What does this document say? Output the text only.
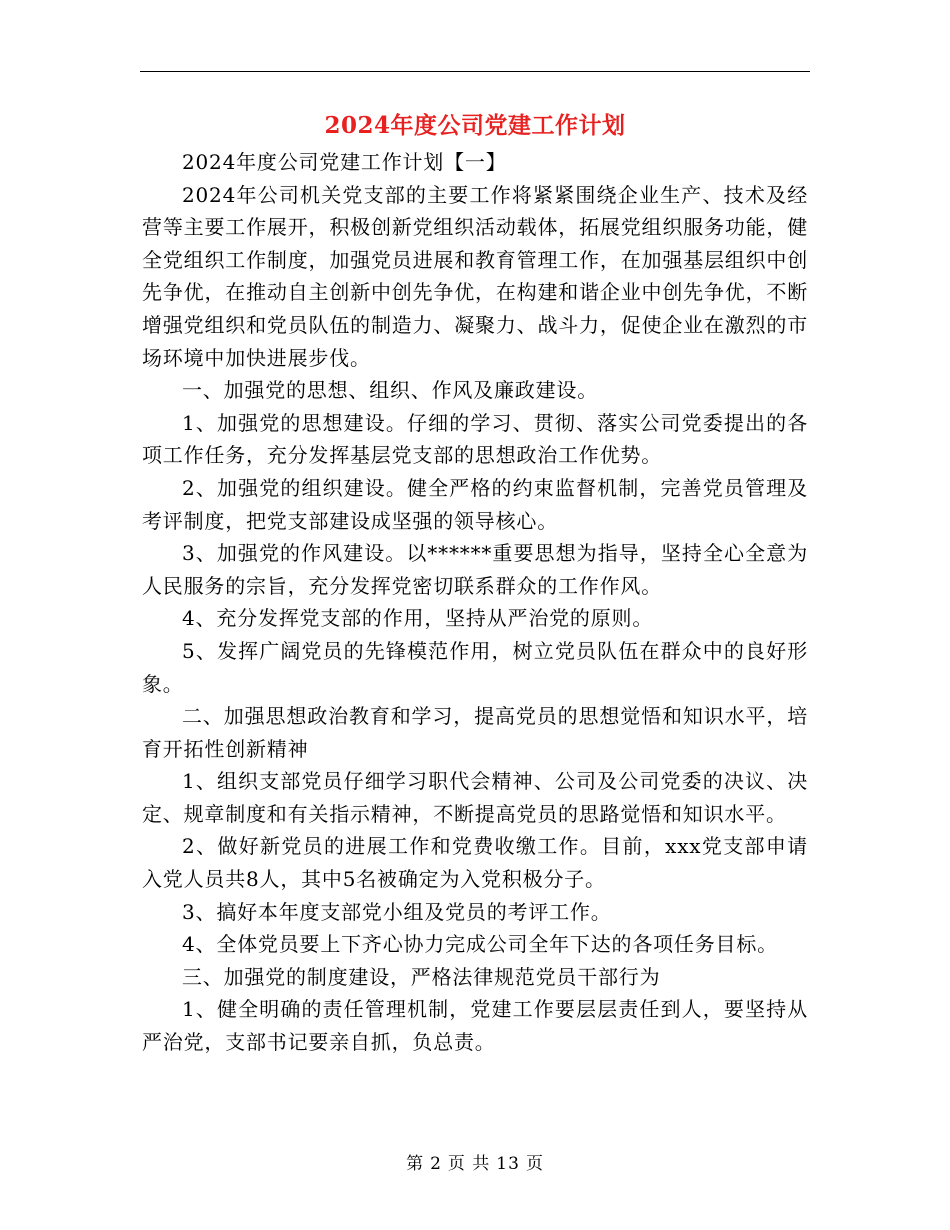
2024年度公司党建工作计划

2024年度公司党建工作计划【一】

2024年公司机关党支部的主要工作将紧紧围绕企业生产、技术及经营等主要工作展开，积极创新党组织活动载体，拓展党组织服务功能，健全党组织工作制度，加强党员进展和教育管理工作，在加强基层组织中创先争优，在推动自主创新中创先争优，在构建和谐企业中创先争优，不断增强党组织和党员队伍的制造力、凝聚力、战斗力，促使企业在激烈的市场环境中加快进展步伐。

一、加强党的思想、组织、作风及廉政建设。

1、加强党的思想建设。仔细的学习、贯彻、落实公司党委提出的各项工作任务，充分发挥基层党支部的思想政治工作优势。

2、加强党的组织建设。健全严格的约束监督机制，完善党员管理及考评制度，把党支部建设成坚强的领导核心。

3、加强党的作风建设。以******重要思想为指导，坚持全心全意为人民服务的宗旨，充分发挥党密切联系群众的工作作风。

4、充分发挥党支部的作用，坚持从严治党的原则。

5、发挥广阔党员的先锋模范作用，树立党员队伍在群众中的良好形象。

二、加强思想政治教育和学习，提高党员的思想觉悟和知识水平，培育开拓性创新精神

1、组织支部党员仔细学习职代会精神、公司及公司党委的决议、决定、规章制度和有关指示精神，不断提高党员的思路觉悟和知识水平。

2、做好新党员的进展工作和党费收缴工作。目前，xxx党支部申请入党人员共8人，其中5名被确定为入党积极分子。

3、搞好本年度支部党小组及党员的考评工作。

4、全体党员要上下齐心协力完成公司全年下达的各项任务目标。

三、加强党的制度建设，严格法律规范党员干部行为

1、健全明确的责任管理机制，党建工作要层层责任到人，要坚持从严治党，支部书记要亲自抓，负总责。

第 2 页 共 13 页
